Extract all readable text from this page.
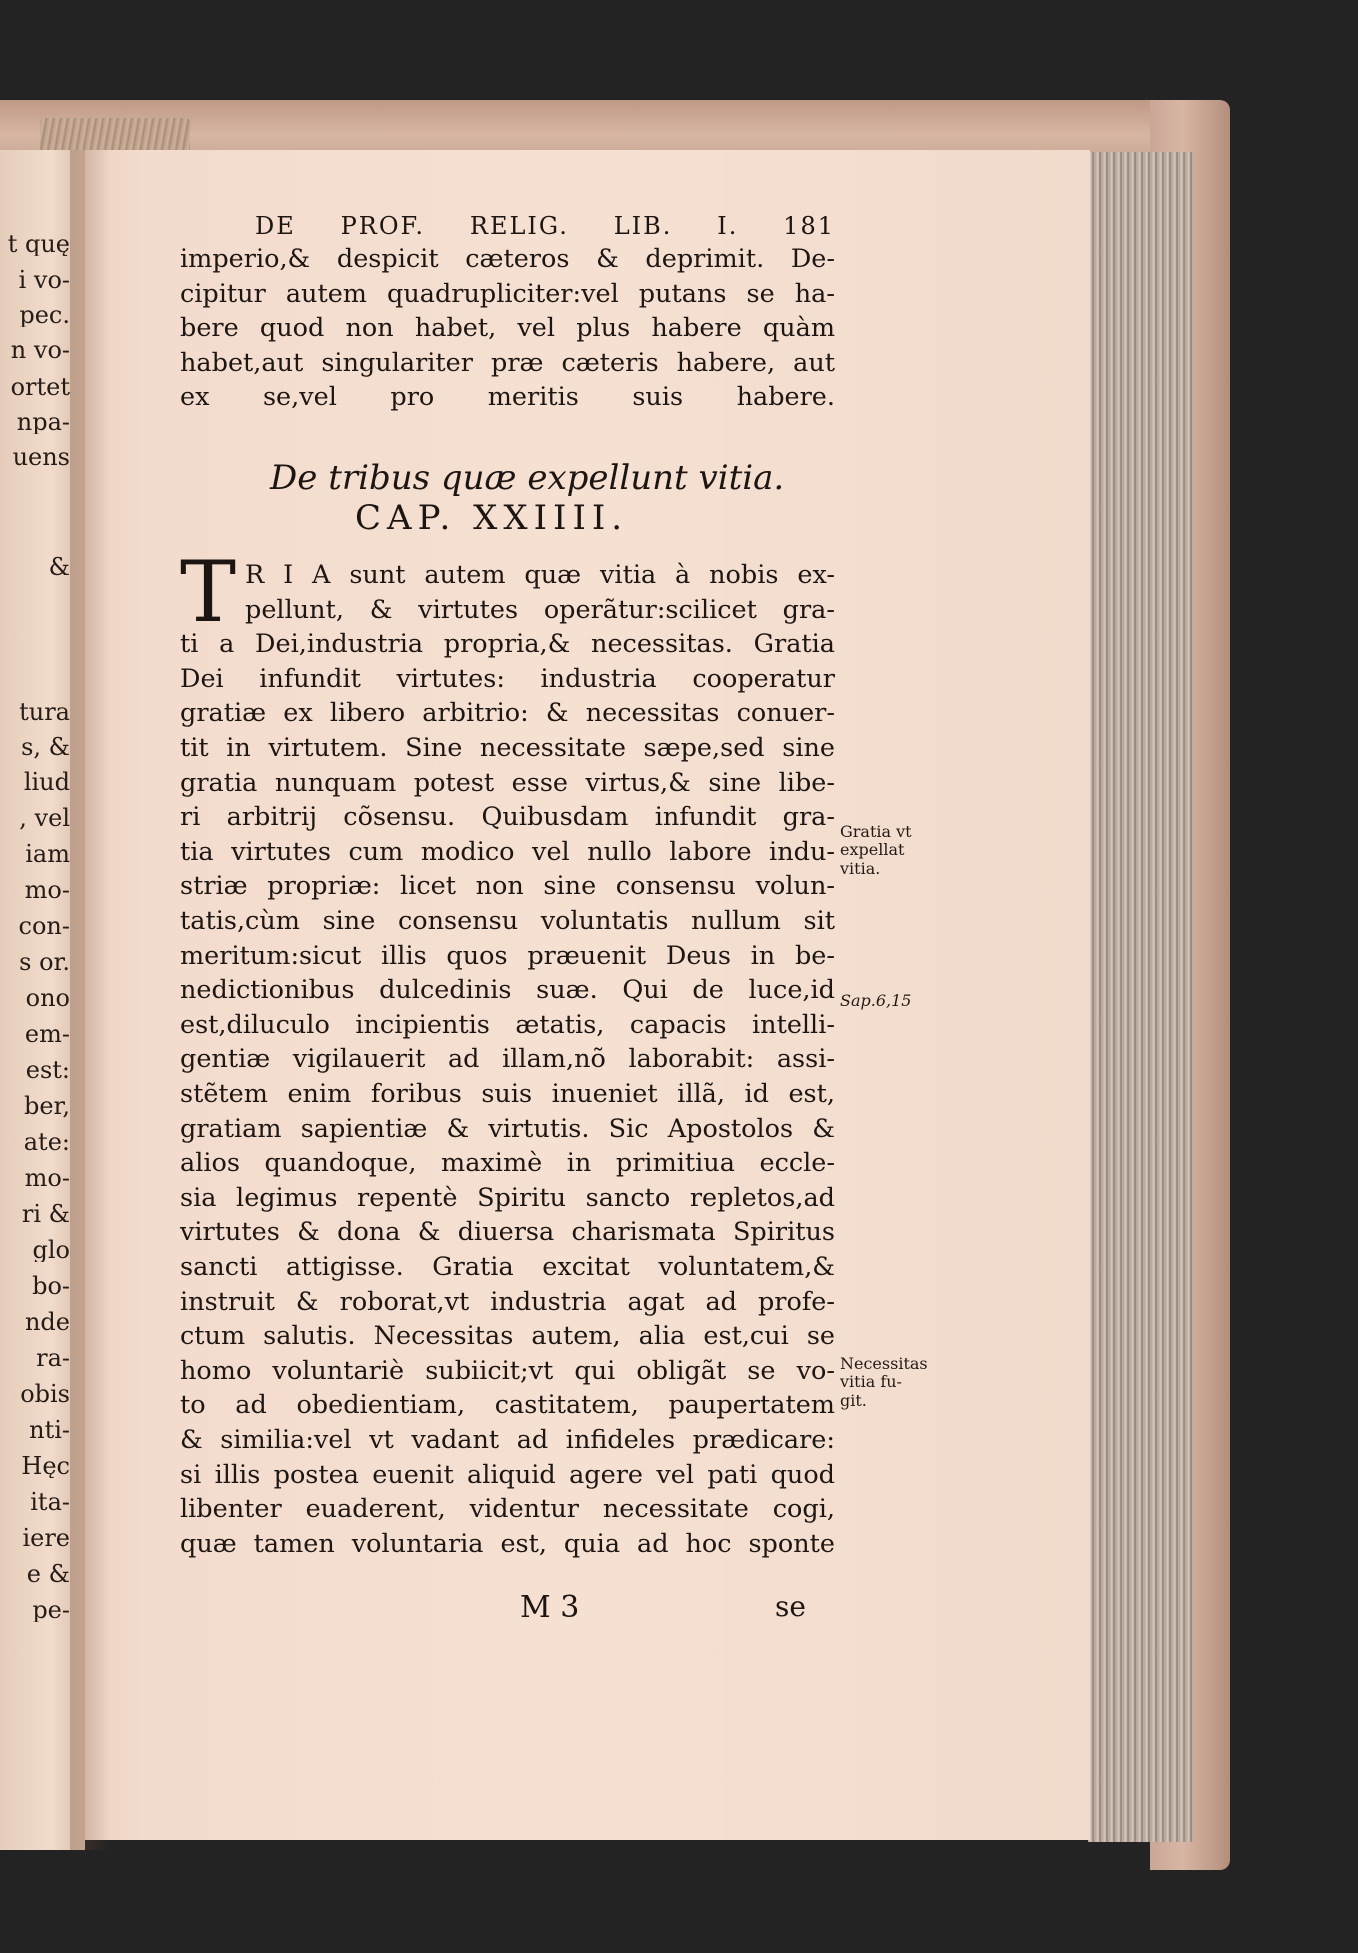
t quę
i vo-
pec.
n vo-
ortet
npa-
uens
&
tura
s, &
liud
, vel
iam
mo-
con-
s or.
ono
em-
est:
ber,
ate:
mo-
ri &
glo
bo-
nde
ra-
obis
nti-
Hęc
ita-
iere
e &
pe-
DE PROF. RELIG. LIB. I. 181
imperio,& despicit cæteros & deprimit. De-
cipitur autem quadrupliciter:vel putans se ha-
bere quod non habet, vel plus habere quàm
habet,aut singulariter præ cæteris habere, aut
ex se,vel pro meritis suis habere.
De tribus quæ expellunt vitia.
CAP. XXIIII.
T R I A sunt autem quæ vitia à nobis ex-
pellunt, & virtutes operãtur:scilicet gra-
ti a Dei,industria propria,& necessitas. Gratia
Dei infundit virtutes: industria cooperatur
gratiæ ex libero arbitrio: & necessitas conuer-
tit in virtutem. Sine necessitate sæpe,sed sine
gratia nunquam potest esse virtus,& sine libe-
ri arbitrij cõsensu. Quibusdam infundit gra-
tia virtutes cum modico vel nullo labore indu-
striæ propriæ: licet non sine consensu volun-
tatis,cùm sine consensu voluntatis nullum sit
meritum:sicut illis quos præuenit Deus in be-
nedictionibus dulcedinis suæ. Qui de luce,id
est,diluculo incipientis ætatis, capacis intelli-
gentiæ vigilauerit ad illam,nõ laborabit: assi-
stẽtem enim foribus suis inueniet illã, id est,
gratiam sapientiæ & virtutis. Sic Apostolos &
alios quandoque, maximè in primitiua eccle-
sia legimus repentè Spiritu sancto repletos,ad
virtutes & dona & diuersa charismata Spiritus
sancti attigisse. Gratia excitat voluntatem,&
instruit & roborat,vt industria agat ad profe-
ctum salutis. Necessitas autem, alia est,cui se
homo voluntariè subiicit;vt qui obligãt se vo-
to ad obedientiam, castitatem, paupertatem
& similia:vel vt vadant ad infideles prædicare:
si illis postea euenit aliquid agere vel pati quod
libenter euaderent, videntur necessitate cogi,
quæ tamen voluntaria est, quia ad hoc sponte
Gratia vt
expellat
vitia.
Sap.6,15
Necessitas
vitia fu-
git.
M 3	se
